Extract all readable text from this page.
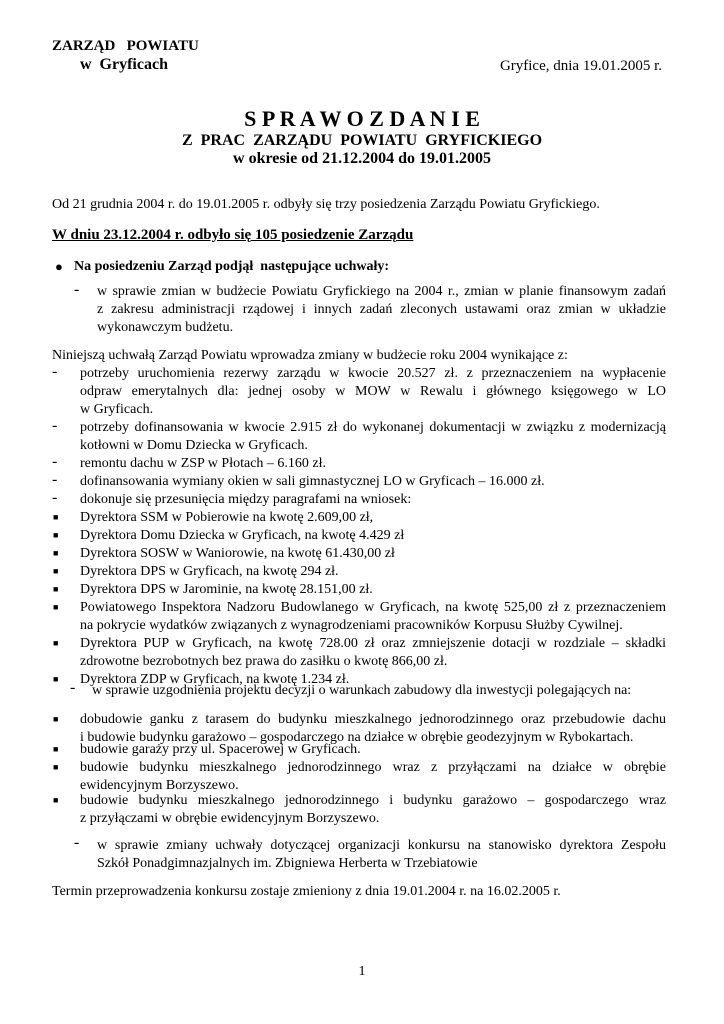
ZARZĄD   POWIATU
w  Gryficach	Gryfice, dnia 19.01.2005 r.
S P R A W O Z D A N I E
Z  PRAC  ZARZĄDU  POWIATU  GRYFICKIEGO
w okresie od 21.12.2004 do 19.01.2005
Od 21 grudnia 2004 r. do 19.01.2005 r. odbyły się trzy posiedzenia Zarządu Powiatu Gryfickiego.
W dniu 23.12.2004 r. odbyło się 105 posiedzenie Zarządu
● Na posiedzeniu Zarząd podjął  następujące uchwały:
- w sprawie zmian w budżecie Powiatu Gryfickiego na 2004 r., zmian w planie finansowym zadań
z zakresu administracji rządowej i innych zadań zleconych ustawami oraz zmian w układzie
wykonawczym budżetu.
Niniejszą uchwałą Zarząd Powiatu wprowadza zmiany w budżecie roku 2004 wynikające z:
- potrzeby uruchomienia rezerwy zarządu w kwocie 20.527 zł. z przeznaczeniem na wypłacenie
odpraw emerytalnych dla: jednej osoby w MOW w Rewalu i głównego księgowego w LO
w Gryficach.
- potrzeby dofinansowania w kwocie 2.915 zł do wykonanej dokumentacji w związku z modernizacją
kotłowni w Domu Dziecka w Gryficach.
- remontu dachu w ZSP w Płotach – 6.160 zł.
- dofinansowania wymiany okien w sali gimnastycznej LO w Gryficach – 16.000 zł.
- dokonuje się przesunięcia między paragrafami na wniosek:
■ Dyrektora SSM w Pobierowie na kwotę 2.609,00 zł,
■ Dyrektora Domu Dziecka w Gryficach, na kwotę 4.429 zł
■ Dyrektora SOSW w Waniorowie, na kwotę 61.430,00 zł
■ Dyrektora DPS w Gryficach, na kwotę 294 zł.
■ Dyrektora DPS w Jarominie, na kwotę 28.151,00 zł.
■ Powiatowego Inspektora Nadzoru Budowlanego w Gryficach, na kwotę 525,00 zł z przeznaczeniem
na pokrycie wydatków związanych z wynagrodzeniami pracowników Korpusu Służby Cywilnej.
■ Dyrektora PUP w Gryficach, na kwotę 728.00 zł oraz zmniejszenie dotacji w rozdziale – składki
zdrowotne bezrobotnych bez prawa do zasiłku o kwotę 866,00 zł.
■ Dyrektora ZDP w Gryficach, na kwotę 1.234 zł.
- w sprawie uzgodnienia projektu decyzji o warunkach zabudowy dla inwestycji polegających na:
■ dobudowie ganku z tarasem do budynku mieszkalnego jednorodzinnego oraz przebudowie dachu
i budowie budynku garażowo – gospodarczego na działce w obrębie geodezyjnym w Rybokartach.
■ budowie garaży przy ul. Spacerowej w Gryficach.
■ budowie  budynku  mieszkalnego  jednorodzinnego  wraz  z  przyłączami  na  działce  w  obrębie
ewidencyjnym Borzyszewo.
■ budowie budynku mieszkalnego jednorodzinnego i budynku garażowo – gospodarczego wraz
z przyłączami w obrębie ewidencyjnym Borzyszewo.
- w sprawie zmiany uchwały dotyczącej organizacji konkursu na stanowisko dyrektora Zespołu
Szkół Ponadgimnazjalnych im. Zbigniewa Herberta w Trzebiatowie
Termin przeprowadzenia konkursu zostaje zmieniony z dnia 19.01.2004 r. na 16.02.2005 r.
1
